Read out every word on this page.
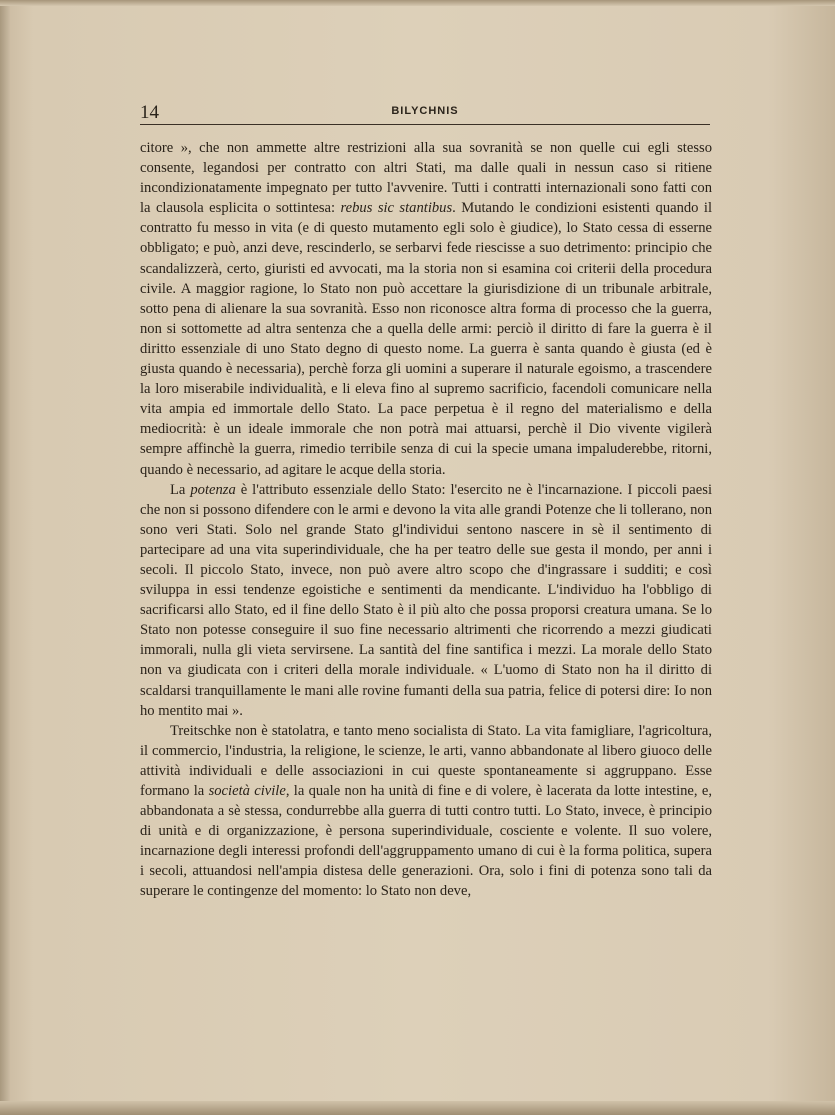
14	BILYCHNIS

citore », che non ammette altre restrizioni alla sua sovranità se non quelle cui egli stesso consente, legandosi per contratto con altri Stati, ma dalle quali in nessun caso si ritiene incondizionatamente impegnato per tutto l'avvenire. Tutti i contratti internazionali sono fatti con la clausola esplicita o sottintesa: rebus sic stantibus. Mutando le condizioni esistenti quando il contratto fu messo in vita (e di questo mutamento egli solo è giudice), lo Stato cessa di esserne obbligato; e può, anzi deve, rescinderlo, se serbarvi fede riescisse a suo detrimento: principio che scandalizzerà, certo, giuristi ed avvocati, ma la storia non si esamina coi criterii della procedura civile. A maggior ragione, lo Stato non può accettare la giurisdizione di un tribunale arbitrale, sotto pena di alienare la sua sovranità. Esso non riconosce altra forma di processo che la guerra, non si sottomette ad altra sentenza che a quella delle armi: perciò il diritto di fare la guerra è il diritto essenziale di uno Stato degno di questo nome. La guerra è santa quando è giusta (ed è giusta quando è necessaria), perchè forza gli uomini a superare il naturale egoismo, a trascendere la loro miserabile individualità, e li eleva fino al supremo sacrificio, facendoli comunicare nella vita ampia ed immortale dello Stato. La pace perpetua è il regno del materialismo e della mediocrità: è un ideale immorale che non potrà mai attuarsi, perchè il Dio vivente vigilerà sempre affinchè la guerra, rimedio terribile senza di cui la specie umana impaluderebbe, ritorni, quando è necessario, ad agitare le acque della storia.

La potenza è l'attributo essenziale dello Stato: l'esercito ne è l'incarnazione. I piccoli paesi che non si possono difendere con le armi e devono la vita alle grandi Potenze che li tollerano, non sono veri Stati. Solo nel grande Stato gl'individui sentono nascere in sè il sentimento di partecipare ad una vita superindividuale, che ha per teatro delle sue gesta il mondo, per anni i secoli. Il piccolo Stato, invece, non può avere altro scopo che d'ingrassare i sudditi; e così sviluppa in essi tendenze egoistiche e sentimenti da mendicante. L'individuo ha l'obbligo di sacrificarsi allo Stato, ed il fine dello Stato è il più alto che possa proporsi creatura umana. Se lo Stato non potesse conseguire il suo fine necessario altrimenti che ricorrendo a mezzi giudicati immorali, nulla gli vieta servirsene. La santità del fine santifica i mezzi. La morale dello Stato non va giudicata con i criteri della morale individuale. « L'uomo di Stato non ha il diritto di scaldarsi tranquillamente le mani alle rovine fumanti della sua patria, felice di potersi dire: Io non ho mentito mai ».

Treitschke non è statolatra, e tanto meno socialista di Stato. La vita famigliare, l'agricoltura, il commercio, l'industria, la religione, le scienze, le arti, vanno abbandonate al libero giuoco delle attività individuali e delle associazioni in cui queste spontaneamente si aggruppano. Esse formano la società civile, la quale non ha unità di fine e di volere, è lacerata da lotte intestine, e, abbandonata a sè stessa, condurrebbe alla guerra di tutti contro tutti. Lo Stato, invece, è principio di unità e di organizzazione, è persona superindividuale, cosciente e volente. Il suo volere, incarnazione degli interessi profondi dell'aggruppamento umano di cui è la forma politica, supera i secoli, attuandosi nell'ampia distesa delle generazioni. Ora, solo i fini di potenza sono tali da superare le contingenze del momento: lo Stato non deve,
